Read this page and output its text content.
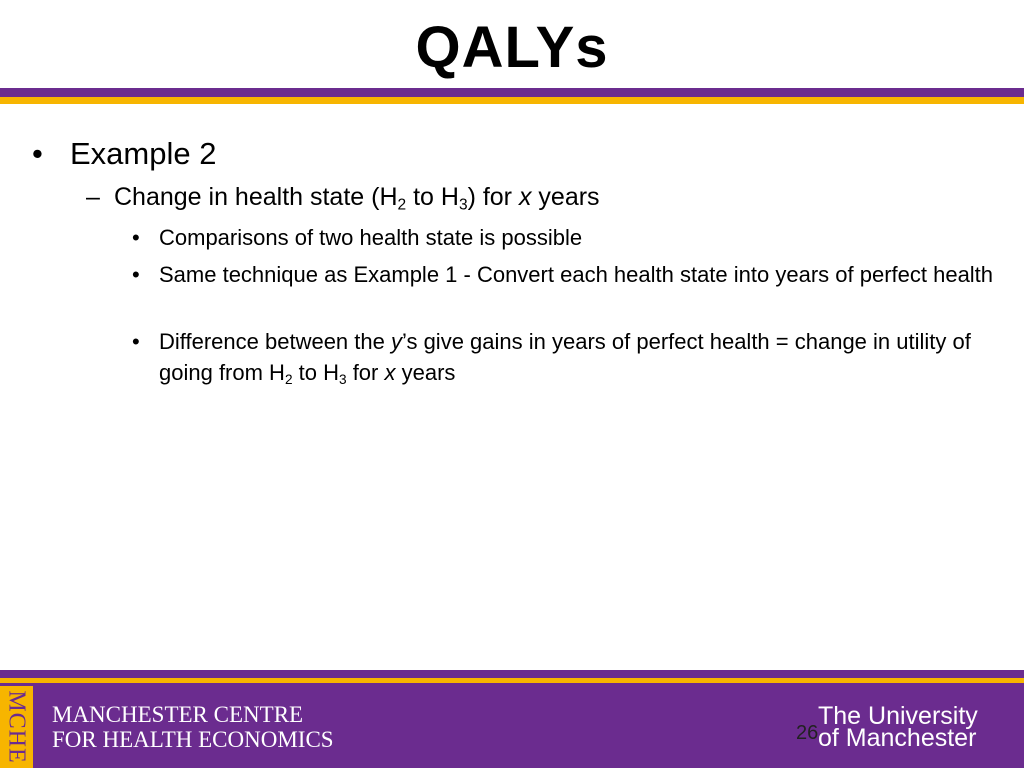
QALYs
• Example 2
– Change in health state ($H_2$ to $H_3$) for x years
• Comparisons of two health state is possible
• Same technique as Example 1 - Convert each health state into years of perfect health
• Difference between the y’s give gains in years of perfect health = change in utility of going from $H_2$ to $H_3$ for x years
MCHE MANCHESTER CENTRE
FOR HEALTH ECONOMICS
The University
of Manchester
26
